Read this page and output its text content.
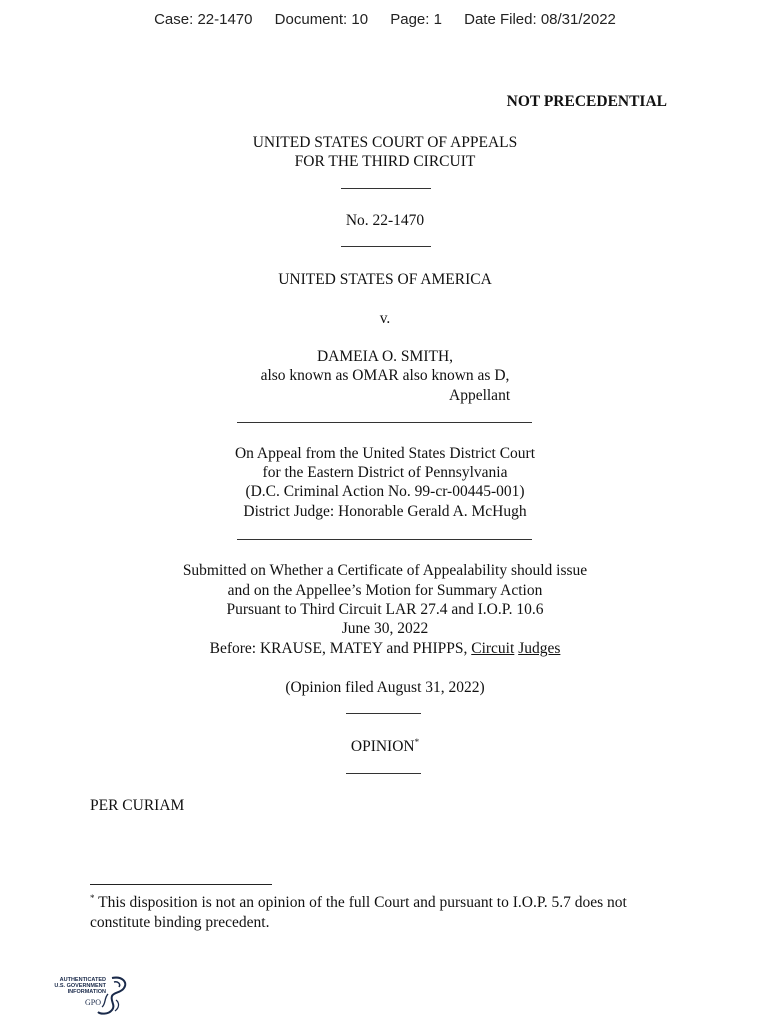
Case: 22-1470 Document: 10 Page: 1 Date Filed: 08/31/2022
NOT PRECEDENTIAL
UNITED STATES COURT OF APPEALS
FOR THE THIRD CIRCUIT
No. 22-1470
UNITED STATES OF AMERICA
v.
DAMEIA O. SMITH,
also known as OMAR also known as D,
Appellant
On Appeal from the United States District Court
for the Eastern District of Pennsylvania
(D.C. Criminal Action No. 99-cr-00445-001)
District Judge: Honorable Gerald A. McHugh
Submitted on Whether a Certificate of Appealability should issue
and on the Appellee’s Motion for Summary Action
Pursuant to Third Circuit LAR 27.4 and I.O.P. 10.6
June 30, 2022
Before: KRAUSE, MATEY and PHIPPS, Circuit Judges
(Opinion filed August 31, 2022)
OPINION*
PER CURIAM
* This disposition is not an opinion of the full Court and pursuant to I.O.P. 5.7 does not constitute binding precedent.
AUTHENTICATED
U.S. GOVERNMENT
INFORMATION
GPO
